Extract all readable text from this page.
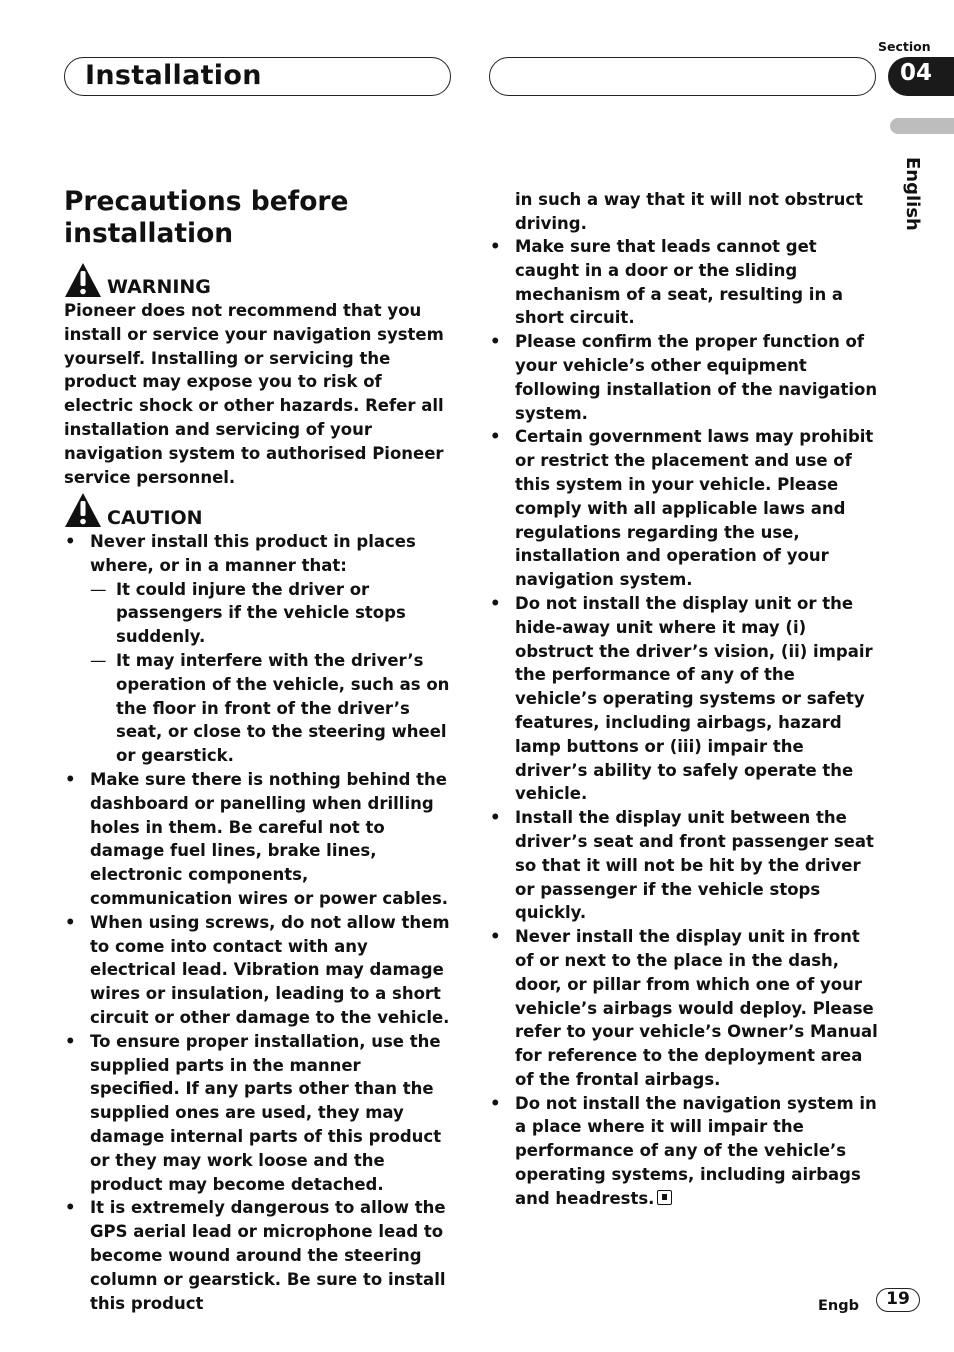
Installation
Section
04
English
Precautions before installation
WARNING

Pioneer does not recommend that you install or service your navigation system yourself. Installing or servicing the product may expose you to risk of electric shock or other hazards. Refer all installation and servicing of your navigation system to authorised Pioneer service personnel.

CAUTION
• Never install this product in places where, or in a manner that:
— It could injure the driver or passengers if the vehicle stops suddenly.
— It may interfere with the driver’s operation of the vehicle, such as on the floor in front of the driver’s seat, or close to the steering wheel or gearstick.
• Make sure there is nothing behind the dashboard or panelling when drilling holes in them. Be careful not to damage fuel lines, brake lines, electronic components, communication wires or power cables.
• When using screws, do not allow them to come into contact with any electrical lead. Vibration may damage wires or insulation, leading to a short circuit or other damage to the vehicle.
• To ensure proper installation, use the supplied parts in the manner specified. If any parts other than the supplied ones are used, they may damage internal parts of this product or they may work loose and the product may become detached.
• It is extremely dangerous to allow the GPS aerial lead or microphone lead to become wound around the steering column or gearstick. Be sure to install this product

in such a way that it will not obstruct driving.

• Make sure that leads cannot get caught in a door or the sliding mechanism of a seat, resulting in a short circuit.
• Please confirm the proper function of your vehicle’s other equipment following installation of the navigation system.
• Certain government laws may prohibit or restrict the placement and use of this system in your vehicle. Please comply with all applicable laws and regulations regarding the use, installation and operation of your navigation system.
• Do not install the display unit or the hide-away unit where it may (i) obstruct the driver’s vision, (ii) impair the performance of any of the vehicle’s operating systems or safety features, including airbags, hazard lamp buttons or (iii) impair the driver’s ability to safely operate the vehicle.
• Install the display unit between the driver’s seat and front passenger seat so that it will not be hit by the driver or passenger if the vehicle stops quickly.
• Never install the display unit in front of or next to the place in the dash, door, or pillar from which one of your vehicle’s airbags would deploy. Please refer to your vehicle’s Owner’s Manual for reference to the deployment area of the frontal airbags.
• Do not install the navigation system in a place where it will impair the performance of any of the vehicle’s operating systems, including airbags and headrests.
Engb	19
